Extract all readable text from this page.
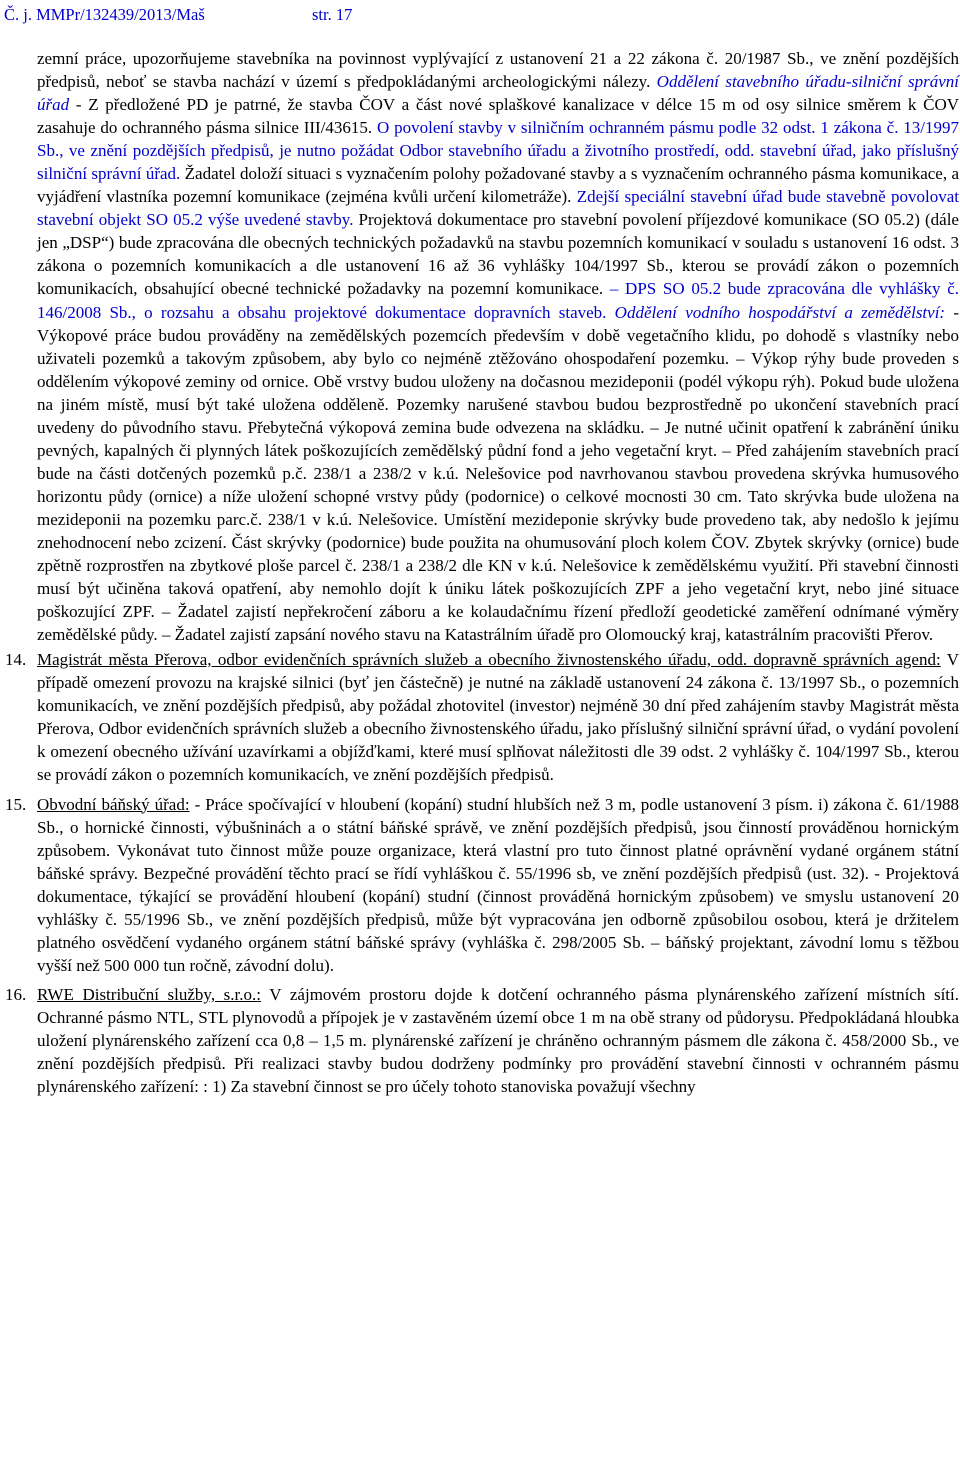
Č. j. MMPr/132439/2013/Maš	str. 17

zemní práce, upozorňujeme stavebníka na povinnost vyplývající z ustanovení 21 a 22 zákona č. 20/1987 Sb., ve znění pozdějších předpisů, neboť se stavba nachází v území s předpokládanými archeologickými nálezy. Oddělení stavebního úřadu-silniční správní úřad - Z předložené PD je patrné, že stavba ČOV a část nové splaškové kanalizace v délce 15 m od osy silnice směrem k ČOV zasahuje do ochranného pásma silnice III/43615. O povolení stavby v silničním ochranném pásmu podle 32 odst. 1 zákona č. 13/1997 Sb., ve znění pozdějších předpisů, je nutno požádat Odbor stavebního úřadu a životního prostředí, odd. stavební úřad, jako příslušný silniční správní úřad. Žadatel doloží situaci s vyznačením polohy požadované stavby a s vyznačením ochranného pásma komunikace, a vyjádření vlastníka pozemní komunikace (zejména kvůli určení kilometráže). Zdejší speciální stavební úřad bude stavebně povolovat stavební objekt SO 05.2 výše uvedené stavby. Projektová dokumentace pro stavební povolení příjezdové komunikace (SO 05.2) (dále jen „DSP“) bude zpracována dle obecných technických požadavků na stavbu pozemních komunikací v souladu s ustanovení 16 odst. 3 zákona o pozemních komunikacích a dle ustanovení 16 až 36 vyhlášky 104/1997 Sb., kterou se provádí zákon o pozemních komunikacích, obsahující obecné technické požadavky na pozemní komunikace. – DPS SO 05.2 bude zpracována dle vyhlášky č. 146/2008 Sb., o rozsahu a obsahu projektové dokumentace dopravních staveb. Oddělení vodního hospodářství a zemědělství: - Výkopové práce budou prováděny na zemědělských pozemcích především v době vegetačního klidu, po dohodě s vlastníky nebo uživateli pozemků a takovým způsobem, aby bylo co nejméně ztěžováno ohospodaření pozemku. – Výkop rýhy bude proveden s oddělením výkopové zeminy od ornice. Obě vrstvy budou uloženy na dočasnou mezideponii (podél výkopu rýh). Pokud bude uložena na jiném místě, musí být také uložena odděleně. Pozemky narušené stavbou budou bezprostředně po ukončení stavebních prací uvedeny do původního stavu. Přebytečná výkopová zemina bude odvezena na skládku. – Je nutné učinit opatření k zabránění úniku pevných, kapalných či plynných látek poškozujících zemědělský půdní fond a jeho vegetační kryt. – Před zahájením stavebních prací bude na části dotčených pozemků p.č. 238/1 a 238/2 v k.ú. Nelešovice pod navrhovanou stavbou provedena skrývka humusového horizontu půdy (ornice) a níže uložení schopné vrstvy půdy (podornice) o celkové mocnosti 30 cm. Tato skrývka bude uložena na mezideponii na pozemku parc.č. 238/1 v k.ú. Nelešovice. Umístění mezideponie skrývky bude provedeno tak, aby nedošlo k jejímu znehodnocení nebo zcizení. Část skrývky (podornice) bude použita na ohumusování ploch kolem ČOV. Zbytek skrývky (ornice) bude zpětně rozprostřen na zbytkové ploše parcel č. 238/1 a 238/2 dle KN v k.ú. Nelešovice k zemědělskému využití. Při stavební činnosti musí být učiněna taková opatření, aby nemohlo dojít k úniku látek poškozujících ZPF a jeho vegetační kryt, nebo jiné situace poškozující ZPF. – Žadatel zajistí nepřekročení záboru a ke kolaudačnímu řízení předloží geodetické zaměření odnímané výměry zemědělské půdy. – Žadatel zajistí zapsání nového stavu na Katastrálním úřadě pro Olomoucký kraj, katastrálním pracovišti Přerov.

14. Magistrát města Přerova, odbor evidenčních správních služeb a obecního živnostenského úřadu, odd. dopravně správních agend: V případě omezení provozu na krajské silnici (byť jen částečně) je nutné na základě ustanovení 24 zákona č. 13/1997 Sb., o pozemních komunikacích, ve znění pozdějších předpisů, aby požádal zhotovitel (investor) nejméně 30 dní před zahájením stavby Magistrát města Přerova, Odbor evidenčních správních služeb a obecního živnostenského úřadu, jako příslušný silniční správní úřad, o vydání povolení k omezení obecného užívání uzavírkami a objížďkami, které musí splňovat náležitosti dle 39 odst. 2 vyhlášky č. 104/1997 Sb., kterou se provádí zákon o pozemních komunikacích, ve znění pozdějších předpisů.

15. Obvodní báňský úřad: - Práce spočívající v hloubení (kopání) studní hlubších než 3 m, podle ustanovení 3 písm. i) zákona č. 61/1988 Sb., o hornické činnosti, výbušninách a o státní báňské správě, ve znění pozdějších předpisů, jsou činností prováděnou hornickým způsobem. Vykonávat tuto činnost může pouze organizace, která vlastní pro tuto činnost platné oprávnění vydané orgánem státní báňské správy. Bezpečné provádění těchto prací se řídí vyhláškou č. 55/1996 sb, ve znění pozdějších předpisů (ust. 32). - Projektová dokumentace, týkající se provádění hloubení (kopání) studní (činnost prováděná hornickým způsobem) ve smyslu ustanovení 20 vyhlášky č. 55/1996 Sb., ve znění pozdějších předpisů, může být vypracována jen odborně způsobilou osobou, která je držitelem platného osvědčení vydaného orgánem státní báňské správy (vyhláška č. 298/2005 Sb. – báňský projektant, závodní lomu s těžbou vyšší než 500 000 tun ročně, závodní dolu).

16. RWE Distribuční služby, s.r.o.: V zájmovém prostoru dojde k dotčení ochranného pásma plynárenského zařízení místních sítí. Ochranné pásmo NTL, STL plynovodů a přípojek je v zastavěném území obce 1 m na obě strany od půdorysu. Předpokládaná hloubka uložení plynárenského zařízení cca 0,8 – 1,5 m. plynárenské zařízení je chráněno ochranným pásmem dle zákona č. 458/2000 Sb., ve znění pozdějších předpisů. Při realizaci stavby budou dodrženy podmínky pro provádění stavební činnosti v ochranném pásmu plynárenského zařízení: : 1) Za stavební činnost se pro účely tohoto stanoviska považují všechny
